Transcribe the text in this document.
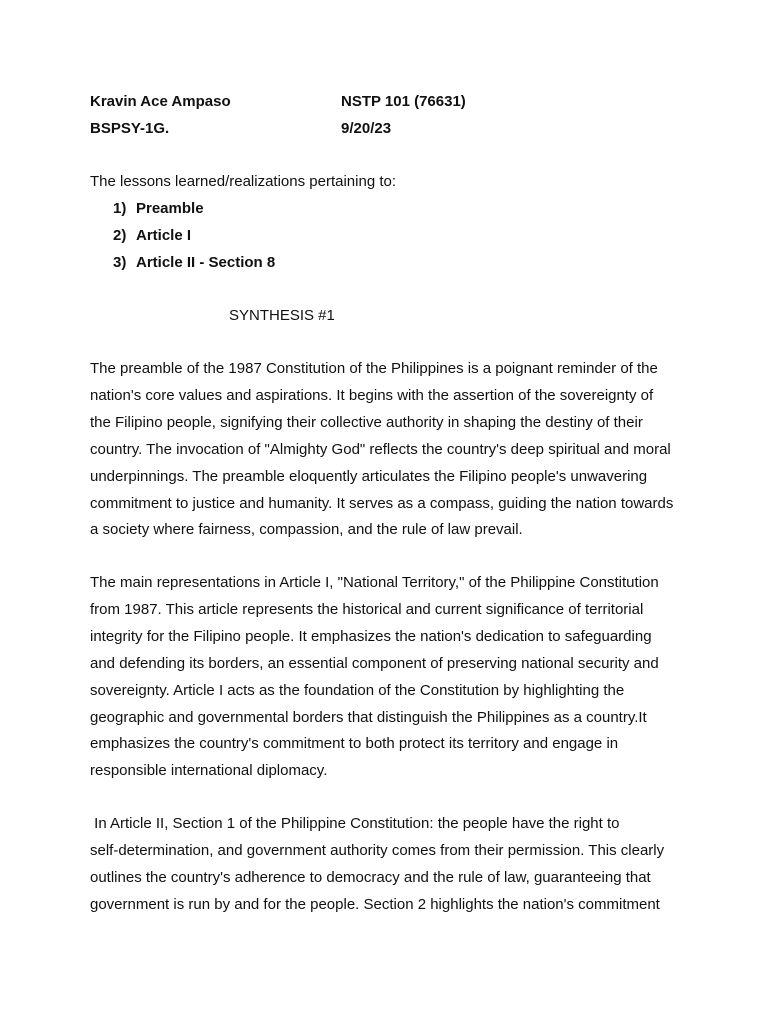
Kravin Ace Ampaso	NSTP 101 (76631)
BSPSY-1G.	9/20/23
The lessons learned/realizations pertaining to:
1) Preamble
2) Article I
3) Article II - Section 8
SYNTHESIS #1
The preamble of the 1987 Constitution of the Philippines is a poignant reminder of the
nation's core values and aspirations. It begins with the assertion of the sovereignty of
the Filipino people, signifying their collective authority in shaping the destiny of their
country. The invocation of "Almighty God" reflects the country's deep spiritual and moral
underpinnings. The preamble eloquently articulates the Filipino people's unwavering
commitment to justice and humanity. It serves as a compass, guiding the nation towards
a society where fairness, compassion, and the rule of law prevail.
The main representations in Article I, "National Territory," of the Philippine Constitution
from 1987. This article represents the historical and current significance of territorial
integrity for the Filipino people. It emphasizes the nation's dedication to safeguarding
and defending its borders, an essential component of preserving national security and
sovereignty. Article I acts as the foundation of the Constitution by highlighting the
geographic and governmental borders that distinguish the Philippines as a country.It
emphasizes the country's commitment to both protect its territory and engage in
responsible international diplomacy.
In Article II, Section 1 of the Philippine Constitution: the people have the right to
self-determination, and government authority comes from their permission. This clearly
outlines the country's adherence to democracy and the rule of law, guaranteeing that
government is run by and for the people. Section 2 highlights the nation's commitment
